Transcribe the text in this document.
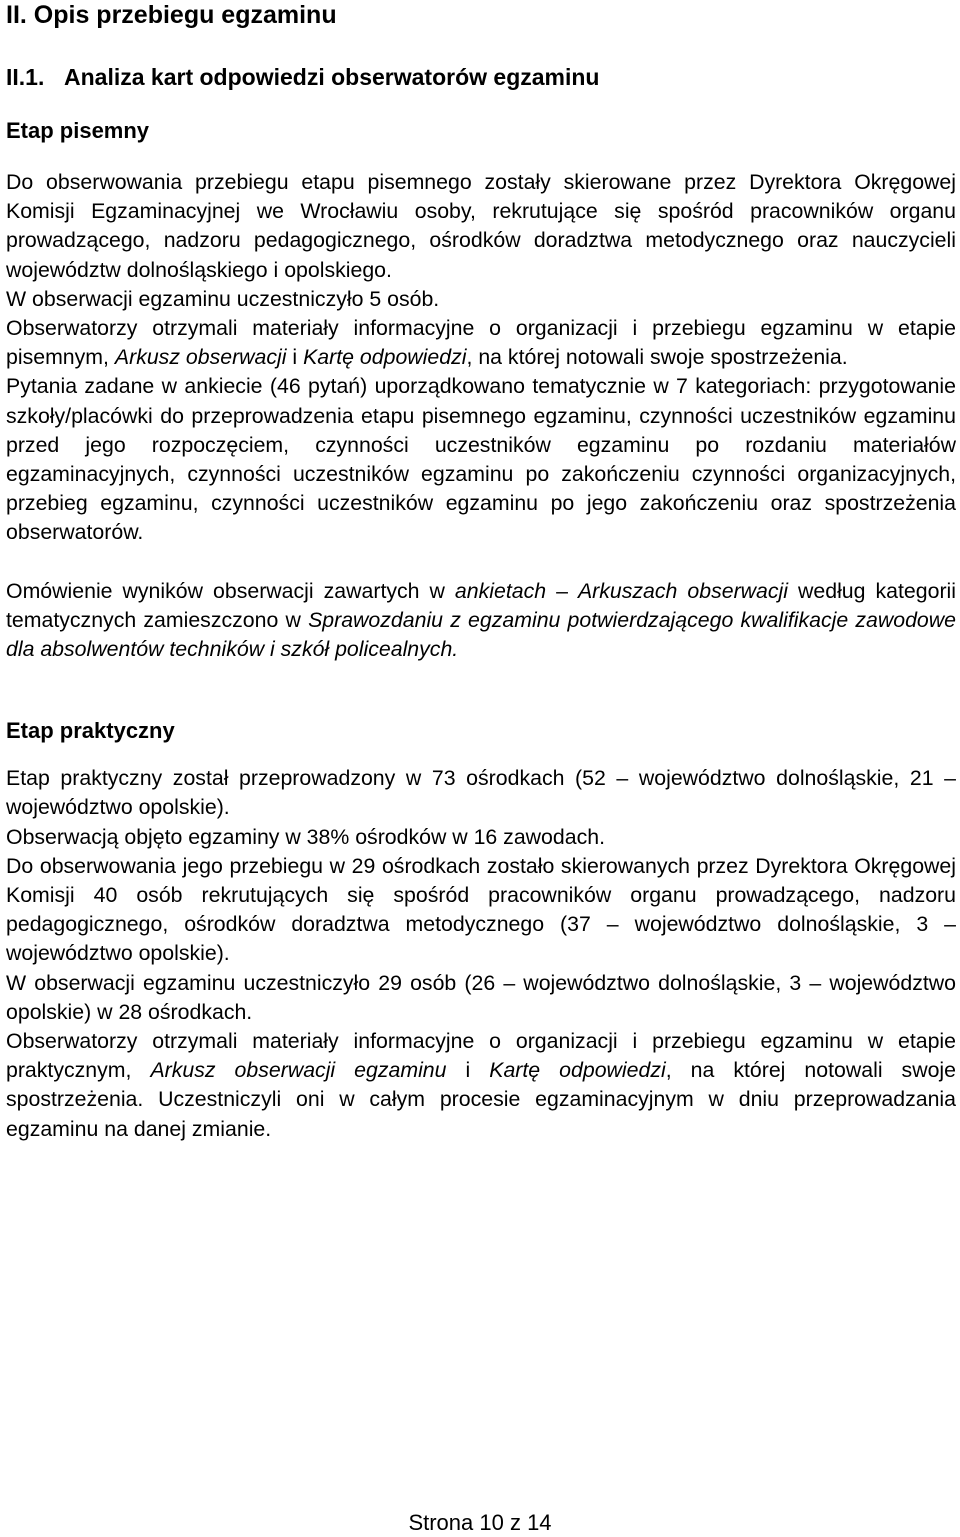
II. Opis przebiegu egzaminu
II.1. Analiza kart odpowiedzi obserwatorów egzaminu
Etap pisemny

Do obserwowania przebiegu etapu pisemnego zostały skierowane przez Dyrektora Okręgowej Komisji Egzaminacyjnej we Wrocławiu osoby, rekrutujące się spośród pracowników organu prowadzącego, nadzoru pedagogicznego, ośrodków doradztwa metodycznego oraz nauczycieli województw dolnośląskiego i opolskiego.

W obserwacji egzaminu uczestniczyło 5 osób.

Obserwatorzy otrzymali materiały informacyjne o organizacji i przebiegu egzaminu w etapie pisemnym, Arkusz obserwacji i Kartę odpowiedzi, na której notowali swoje spostrzeżenia.

Pytania zadane w ankiecie (46 pytań) uporządkowano tematycznie w 7 kategoriach: przygotowanie szkoły/placówki do przeprowadzenia etapu pisemnego egzaminu, czynności uczestników egzaminu przed jego rozpoczęciem, czynności uczestników egzaminu po rozdaniu materiałów egzaminacyjnych, czynności uczestników egzaminu po zakończeniu czynności organizacyjnych, przebieg egzaminu, czynności uczestników egzaminu po jego zakończeniu oraz spostrzeżenia obserwatorów.

Omówienie wyników obserwacji zawartych w ankietach – Arkuszach obserwacji według kategorii tematycznych zamieszczono w Sprawozdaniu z egzaminu potwierdzającego kwalifikacje zawodowe dla absolwentów techników i szkół policealnych.

Etap praktyczny

Etap praktyczny został przeprowadzony w 73 ośrodkach (52 – województwo dolnośląskie, 21 – województwo opolskie).

Obserwacją objęto egzaminy w 38% ośrodków w 16 zawodach.

Do obserwowania jego przebiegu w 29 ośrodkach zostało skierowanych przez Dyrektora Okręgowej Komisji 40 osób rekrutujących się spośród pracowników organu prowadzącego, nadzoru pedagogicznego, ośrodków doradztwa metodycznego (37 – województwo dolnośląskie, 3 – województwo opolskie).

W obserwacji egzaminu uczestniczyło 29 osób (26 – województwo dolnośląskie, 3 – województwo opolskie) w 28 ośrodkach.

Obserwatorzy otrzymali materiały informacyjne o organizacji i przebiegu egzaminu w etapie praktycznym, Arkusz obserwacji egzaminu i Kartę odpowiedzi, na której notowali swoje spostrzeżenia. Uczestniczyli oni w całym procesie egzaminacyjnym w dniu przeprowadzania egzaminu na danej zmianie.

Strona 10 z 14
